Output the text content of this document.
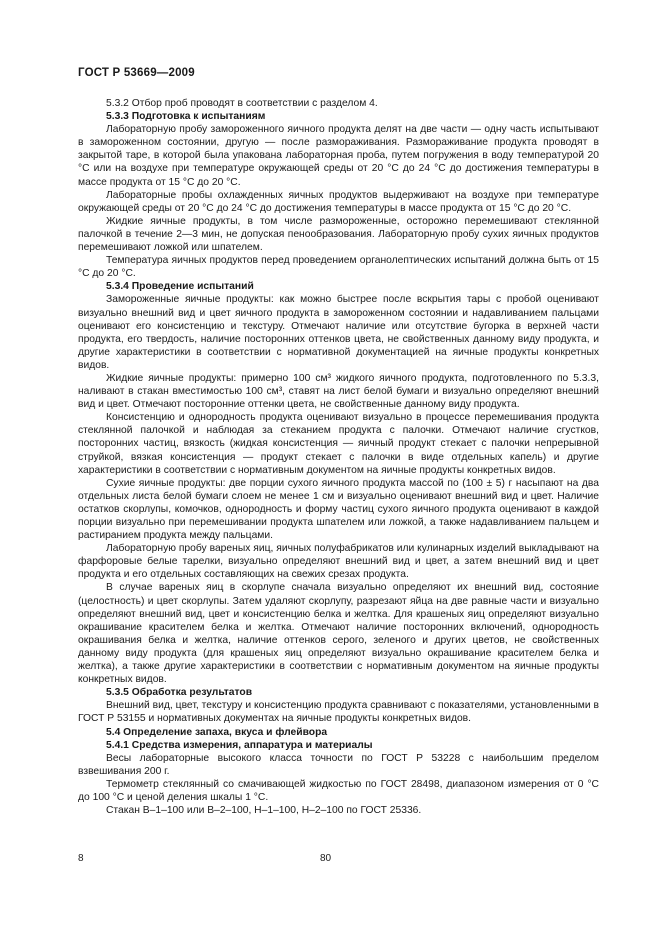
ГОСТ Р 53669—2009

5.3.2 Отбор проб проводят в соответствии с разделом 4.

5.3.3 Подготовка к испытаниям

Лабораторную пробу замороженного яичного продукта делят на две части — одну часть испытывают в замороженном состоянии, другую — после размораживания. Размораживание продукта проводят в закрытой таре, в которой была упакована лабораторная проба, путем погружения в воду температурой 20 °С или на воздухе при температуре окружающей среды от 20 °С до 24 °С до достижения температуры в массе продукта от 15 °С до 20 °С.

Лабораторные пробы охлажденных яичных продуктов выдерживают на воздухе при температуре окружающей среды от 20 °С до 24 °С до достижения температуры в массе продукта от 15 °С до 20 °С.

Жидкие яичные продукты, в том числе размороженные, осторожно перемешивают стеклянной палочкой в течение 2—3 мин, не допуская пенообразования. Лабораторную пробу сухих яичных продуктов перемешивают ложкой или шпателем.

Температура яичных продуктов перед проведением органолептических испытаний должна быть от 15 °С до 20 °С.

5.3.4 Проведение испытаний

Замороженные яичные продукты: как можно быстрее после вскрытия тары с пробой оценивают визуально внешний вид и цвет яичного продукта в замороженном состоянии и надавливанием пальцами оценивают его консистенцию и текстуру. Отмечают наличие или отсутствие бугорка в верхней части продукта, его твердость, наличие посторонних оттенков цвета, не свойственных данному виду продукта, и другие характеристики в соответствии с нормативной документацией на яичные продукты конкретных видов.

Жидкие яичные продукты: примерно 100 см³ жидкого яичного продукта, подготовленного по 5.3.3, наливают в стакан вместимостью 100 см³, ставят на лист белой бумаги и визуально определяют внешний вид и цвет. Отмечают посторонние оттенки цвета, не свойственные данному виду продукта.

Консистенцию и однородность продукта оценивают визуально в процессе перемешивания продукта стеклянной палочкой и наблюдая за стеканием продукта с палочки. Отмечают наличие сгустков, посторонних частиц, вязкость (жидкая консистенция — яичный продукт стекает с палочки непрерывной струйкой, вязкая консистенция — продукт стекает с палочки в виде отдельных капель) и другие характеристики в соответствии с нормативным документом на яичные продукты конкретных видов.

Сухие яичные продукты: две порции сухого яичного продукта массой по (100 ± 5) г насыпают на два отдельных листа белой бумаги слоем не менее 1 см и визуально оценивают внешний вид и цвет. Наличие остатков скорлупы, комочков, однородность и форму частиц сухого яичного продукта оценивают в каждой порции визуально при перемешивании продукта шпателем или ложкой, а также надавливанием пальцем и растиранием продукта между пальцами.

Лабораторную пробу вареных яиц, яичных полуфабрикатов или кулинарных изделий выкладывают на фарфоровые белые тарелки, визуально определяют внешний вид и цвет, а затем внешний вид и цвет продукта и его отдельных составляющих на свежих срезах продукта.

В случае вареных яиц в скорлупе сначала визуально определяют их внешний вид, состояние (целостность) и цвет скорлупы. Затем удаляют скорлупу, разрезают яйца на две равные части и визуально определяют внешний вид, цвет и консистенцию белка и желтка. Для крашеных яиц определяют визуально окрашивание красителем белка и желтка. Отмечают наличие посторонних включений, однородность окрашивания белка и желтка, наличие оттенков серого, зеленого и других цветов, не свойственных данному виду продукта (для крашеных яиц определяют визуально окрашивание красителем белка и желтка), а также другие характеристики в соответствии с нормативным документом на яичные продукты конкретных видов.

5.3.5 Обработка результатов

Внешний вид, цвет, текстуру и консистенцию продукта сравнивают с показателями, установленными в ГОСТ Р 53155 и нормативных документах на яичные продукты конкретных видов.

5.4 Определение запаха, вкуса и флейвора

5.4.1 Средства измерения, аппаратура и материалы

Весы лабораторные высокого класса точности по ГОСТ Р 53228 с наибольшим пределом взвешивания 200 г.

Термометр стеклянный со смачивающей жидкостью по ГОСТ 28498, диапазоном измерения от 0 °С до 100 °С и ценой деления шкалы 1 °С.

Стакан В–1–100 или В–2–100, Н–1–100, Н–2–100 по ГОСТ 25336.

8	80
